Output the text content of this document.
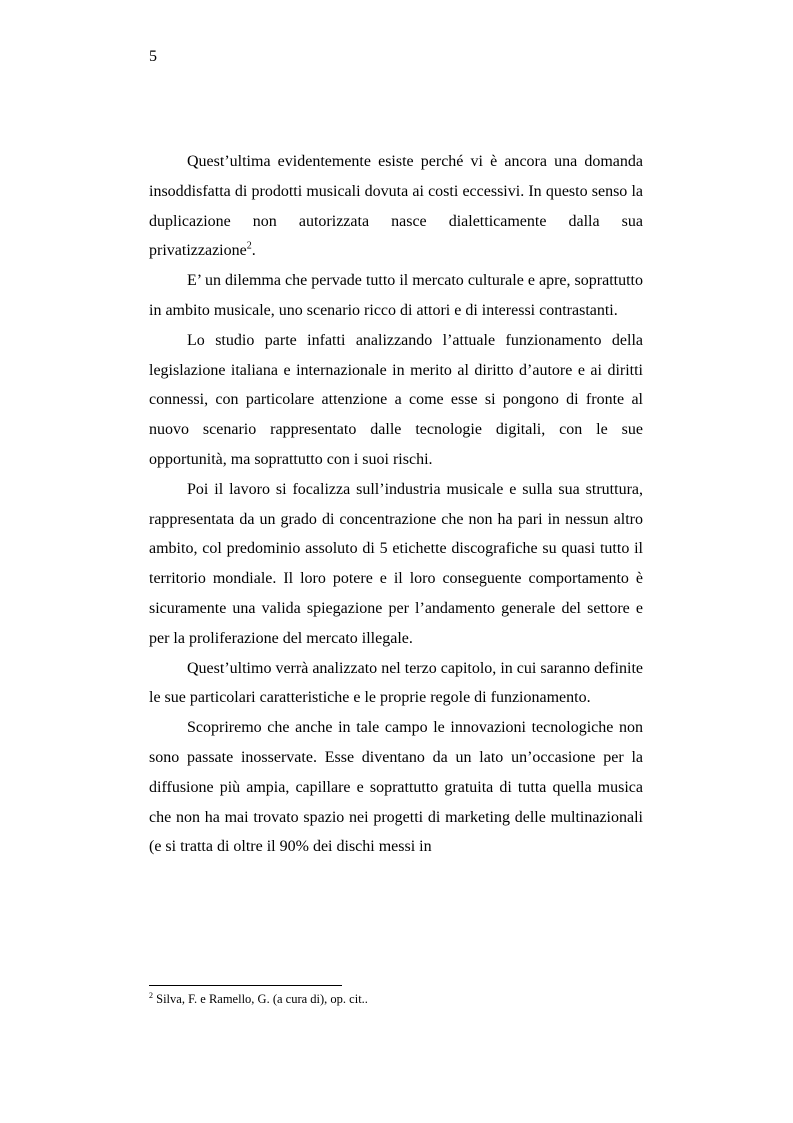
5

Quest’ultima evidentemente esiste perché vi è ancora una domanda insoddisfatta di prodotti musicali dovuta ai costi eccessivi. In questo senso la duplicazione non autorizzata nasce dialetticamente dalla sua privatizzazione$^2$.

E’ un dilemma che pervade tutto il mercato culturale e apre, soprattutto in ambito musicale, uno scenario ricco di attori e di interessi contrastanti.

Lo studio parte infatti analizzando l’attuale funzionamento della legislazione italiana e internazionale in merito al diritto d’autore e ai diritti connessi, con particolare attenzione a come esse si pongono di fronte al nuovo scenario rappresentato dalle tecnologie digitali, con le sue opportunità, ma soprattutto con i suoi rischi.

Poi il lavoro si focalizza sull’industria musicale e sulla sua struttura, rappresentata da un grado di concentrazione che non ha pari in nessun altro ambito, col predominio assoluto di 5 etichette discografiche su quasi tutto il territorio mondiale. Il loro potere e il loro conseguente comportamento è sicuramente una valida spiegazione per l’andamento generale del settore e per la proliferazione del mercato illegale.

Quest’ultimo verrà analizzato nel terzo capitolo, in cui saranno definite le sue particolari caratteristiche e le proprie regole di funzionamento.

Scopriremo che anche in tale campo le innovazioni tecnologiche non sono passate inosservate. Esse diventano da un lato un’occasione per la diffusione più ampia, capillare e soprattutto gratuita di tutta quella musica che non ha mai trovato spazio nei progetti di marketing delle multinazionali (e si tratta di oltre il 90% dei dischi messi in

$^2$ Silva, F. e Ramello, G. (a cura di), op. cit..
